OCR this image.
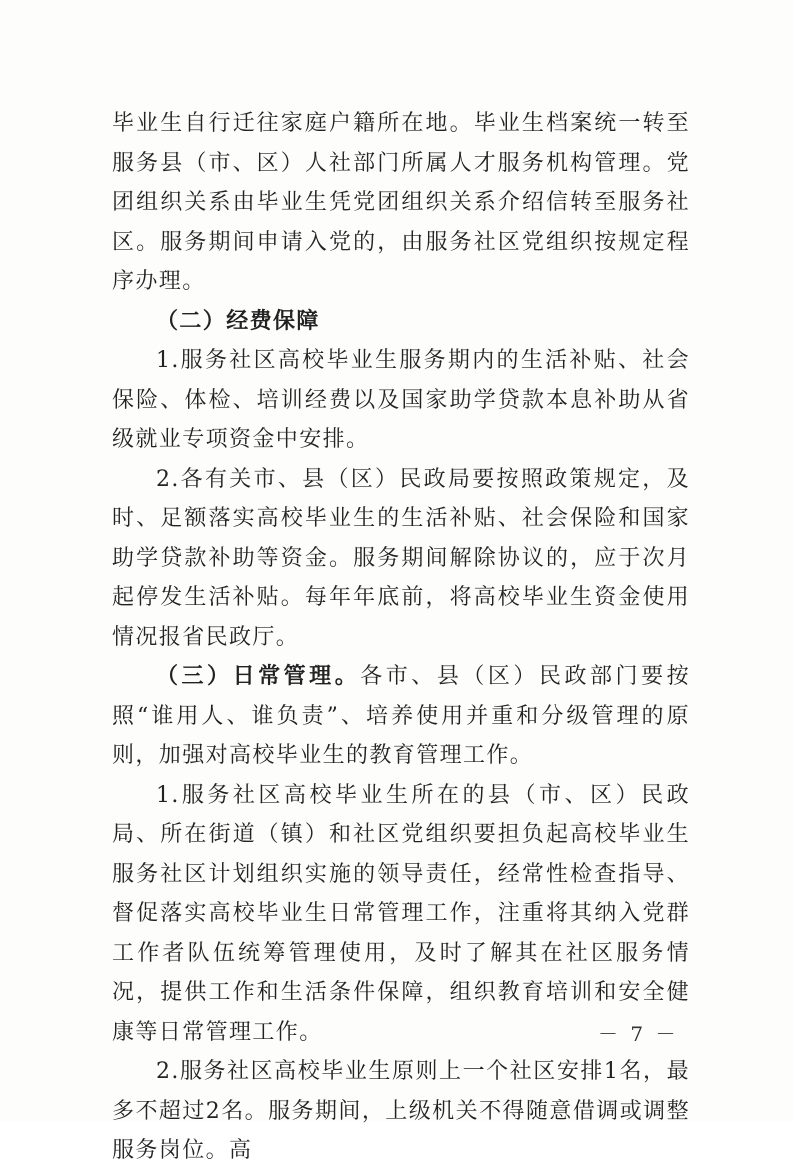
毕业生自行迁往家庭户籍所在地。毕业生档案统一转至服务县（市、区）人社部门所属人才服务机构管理。党团组织关系由毕业生凭党团组织关系介绍信转至服务社区。服务期间申请入党的，由服务社区党组织按规定程序办理。

（二）经费保障

1.服务社区高校毕业生服务期内的生活补贴、社会保险、体检、培训经费以及国家助学贷款本息补助从省级就业专项资金中安排。

2.各有关市、县（区）民政局要按照政策规定，及时、足额落实高校毕业生的生活补贴、社会保险和国家助学贷款补助等资金。服务期间解除协议的，应于次月起停发生活补贴。每年年底前，将高校毕业生资金使用情况报省民政厅。

（三）日常管理。各市、县（区）民政部门要按照“谁用人、谁负责”、培养使用并重和分级管理的原则，加强对高校毕业生的教育管理工作。

1.服务社区高校毕业生所在的县（市、区）民政局、所在街道（镇）和社区党组织要担负起高校毕业生服务社区计划组织实施的领导责任，经常性检查指导、督促落实高校毕业生日常管理工作，注重将其纳入党群工作者队伍统筹管理使用，及时了解其在社区服务情况，提供工作和生活条件保障，组织教育培训和安全健康等日常管理工作。

2.服务社区高校毕业生原则上一个社区安排1名，最多不超过2名。服务期间，上级机关不得随意借调或调整服务岗位。高

－ 7 －
